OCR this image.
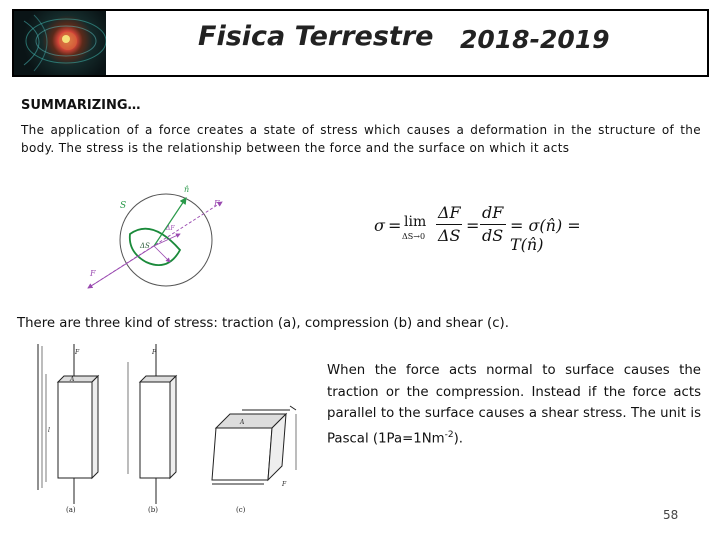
Fisica Terrestre 2018-2019
SUMMARIZING…

The application of a force creates a state of stress which causes a deformation in the structure of the body. The stress is the relationship between the force and the surface on which it acts

S
n̂
F
F
ΔS
ΔF	σ = lim
ΔS→0
ΔF
ΔS
=
dF
dS
= σ(n̂) = T(n̂)

There are three kind of stress: traction (a), compression (b) and shear (c).

F	F
A
A
l
F
(a)	(b)	(c)

When the force acts normal to surface causes the traction or the compression. Instead if the force acts parallel to the surface causes a shear stress. The unit is Pascal $(1Pa=1Nm^{-2})$.

58
